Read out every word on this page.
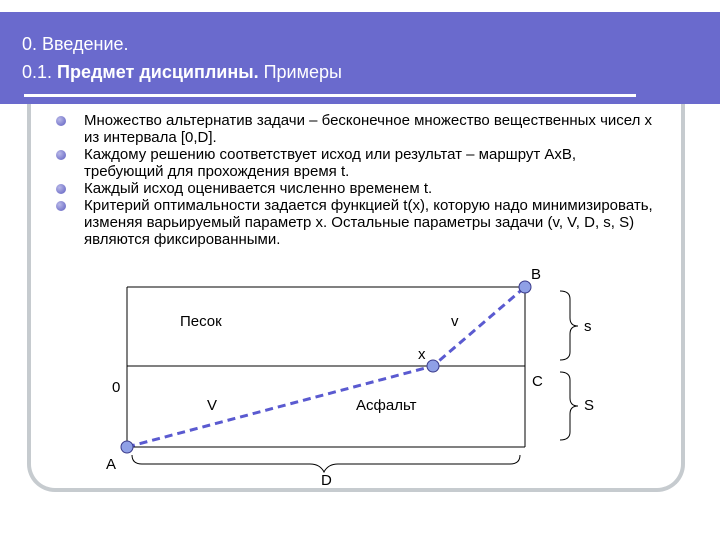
0. Введение.
0.1. Предмет дисциплины. Примеры
Множество альтернатив задачи – бесконечное множество вещественных чисел x из интервала [0,D].
Каждому решению соответствует исход или результат – маршрут AxB, требующий для прохождения время t.
Каждый исход оценивается численно временем t.
Критерий оптимальности задается функцией t(x), которую надо минимизировать, изменяя варьируемый параметр x. Остальные параметры задачи (v, V, D, s, S) являются фиксированными.
B
C
x
0
A
Песок
Асфальт
v
V
s
S
D
